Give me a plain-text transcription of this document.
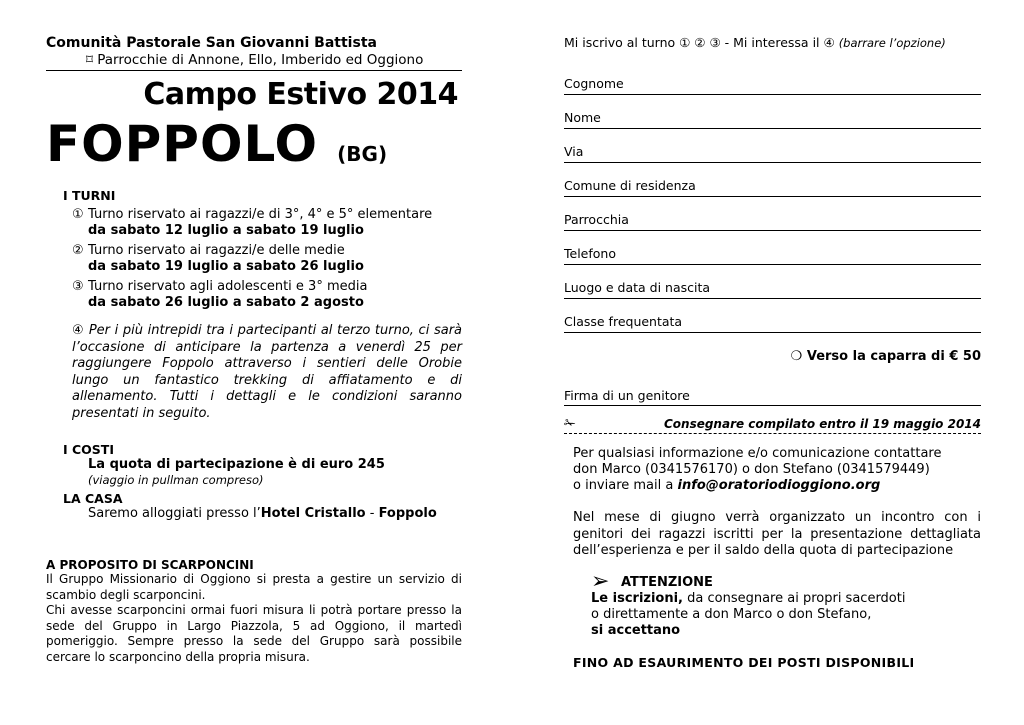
Comunità Pastorale San Giovanni Battista
⌑ Parrocchie di Annone, Ello, Imberido ed Oggiono
Campo Estivo 2014
FOPPOLO (BG)
I TURNI
① Turno riservato ai ragazzi/e di 3°, 4° e 5° elementare
da sabato 12 luglio a sabato 19 luglio
② Turno riservato ai ragazzi/e delle medie
da sabato 19 luglio a sabato 26 luglio
③ Turno riservato agli adolescenti e 3° media
da sabato 26 luglio a sabato 2 agosto
④ Per i più intrepidi tra i partecipanti al terzo turno, ci sarà l’occasione di anticipare la partenza a venerdì 25 per raggiungere Foppolo attraverso i sentieri delle Orobie lungo un fantastico trekking di affiatamento e di allenamento. Tutti i dettagli e le condizioni saranno presentati in seguito.
I COSTI
La quota di partecipazione è di euro 245
(viaggio in pullman compreso)
LA CASA
Saremo alloggiati presso l’Hotel Cristallo - Foppolo
A PROPOSITO DI SCARPONCINI
Il Gruppo Missionario di Oggiono si presta a gestire un servizio di scambio degli scarponcini.
Chi avesse scarponcini ormai fuori misura li potrà portare presso la sede del Gruppo in Largo Piazzola, 5 ad Oggiono, il martedì pomeriggio. Sempre presso la sede del Gruppo sarà possibile cercare lo scarponcino della propria misura.
Mi iscrivo al turno ① ② ③ - Mi interessa il ④ (barrare l’opzione)
Cognome
Nome
Via
Comune di residenza
Parrocchia
Telefono
Luogo e data di nascita
Classe frequentata
❍ Verso la caparra di € 50
Firma di un genitore
✁	Consegnare compilato entro il 19 maggio 2014
Per qualsiasi informazione e/o comunicazione contattare
don Marco (0341576170) o don Stefano (0341579449)
o inviare mail a info@oratoriodioggiono.org
Nel mese di giugno verrà organizzato un incontro con i genitori dei ragazzi iscritti per la presentazione dettagliata dell’esperienza e per il saldo della quota di partecipazione
➢ ATTENZIONE
Le iscrizioni, da consegnare ai propri sacerdoti
o direttamente a don Marco o don Stefano,
si accettano
FINO AD ESAURIMENTO DEI POSTI DISPONIBILI
